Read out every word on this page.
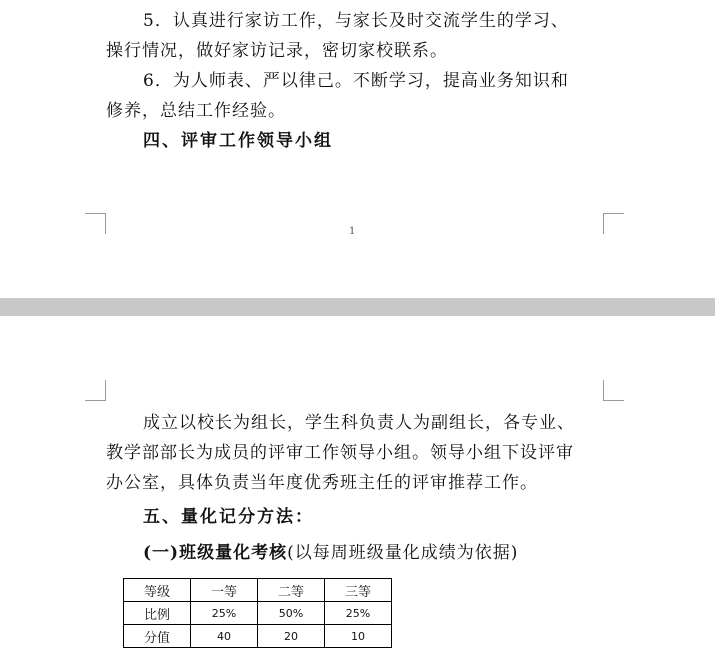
5．认真进行家访工作，与家长及时交流学生的学习、
操行情况，做好家访记录，密切家校联系。
6．为人师表、严以律己。不断学习，提高业务知识和
修养，总结工作经验。
四、评审工作领导小组
1
成立以校长为组长，学生科负责人为副组长，各专业、
教学部部长为成员的评审工作领导小组。领导小组下设评审
办公室，具体负责当年度优秀班主任的评审推荐工作。
五、量化记分方法：
(一)班级量化考核(以每周班级量化成绩为依据)
等级	一等	二等	三等
比例	25%	50%	25%
分值	40	20	10
